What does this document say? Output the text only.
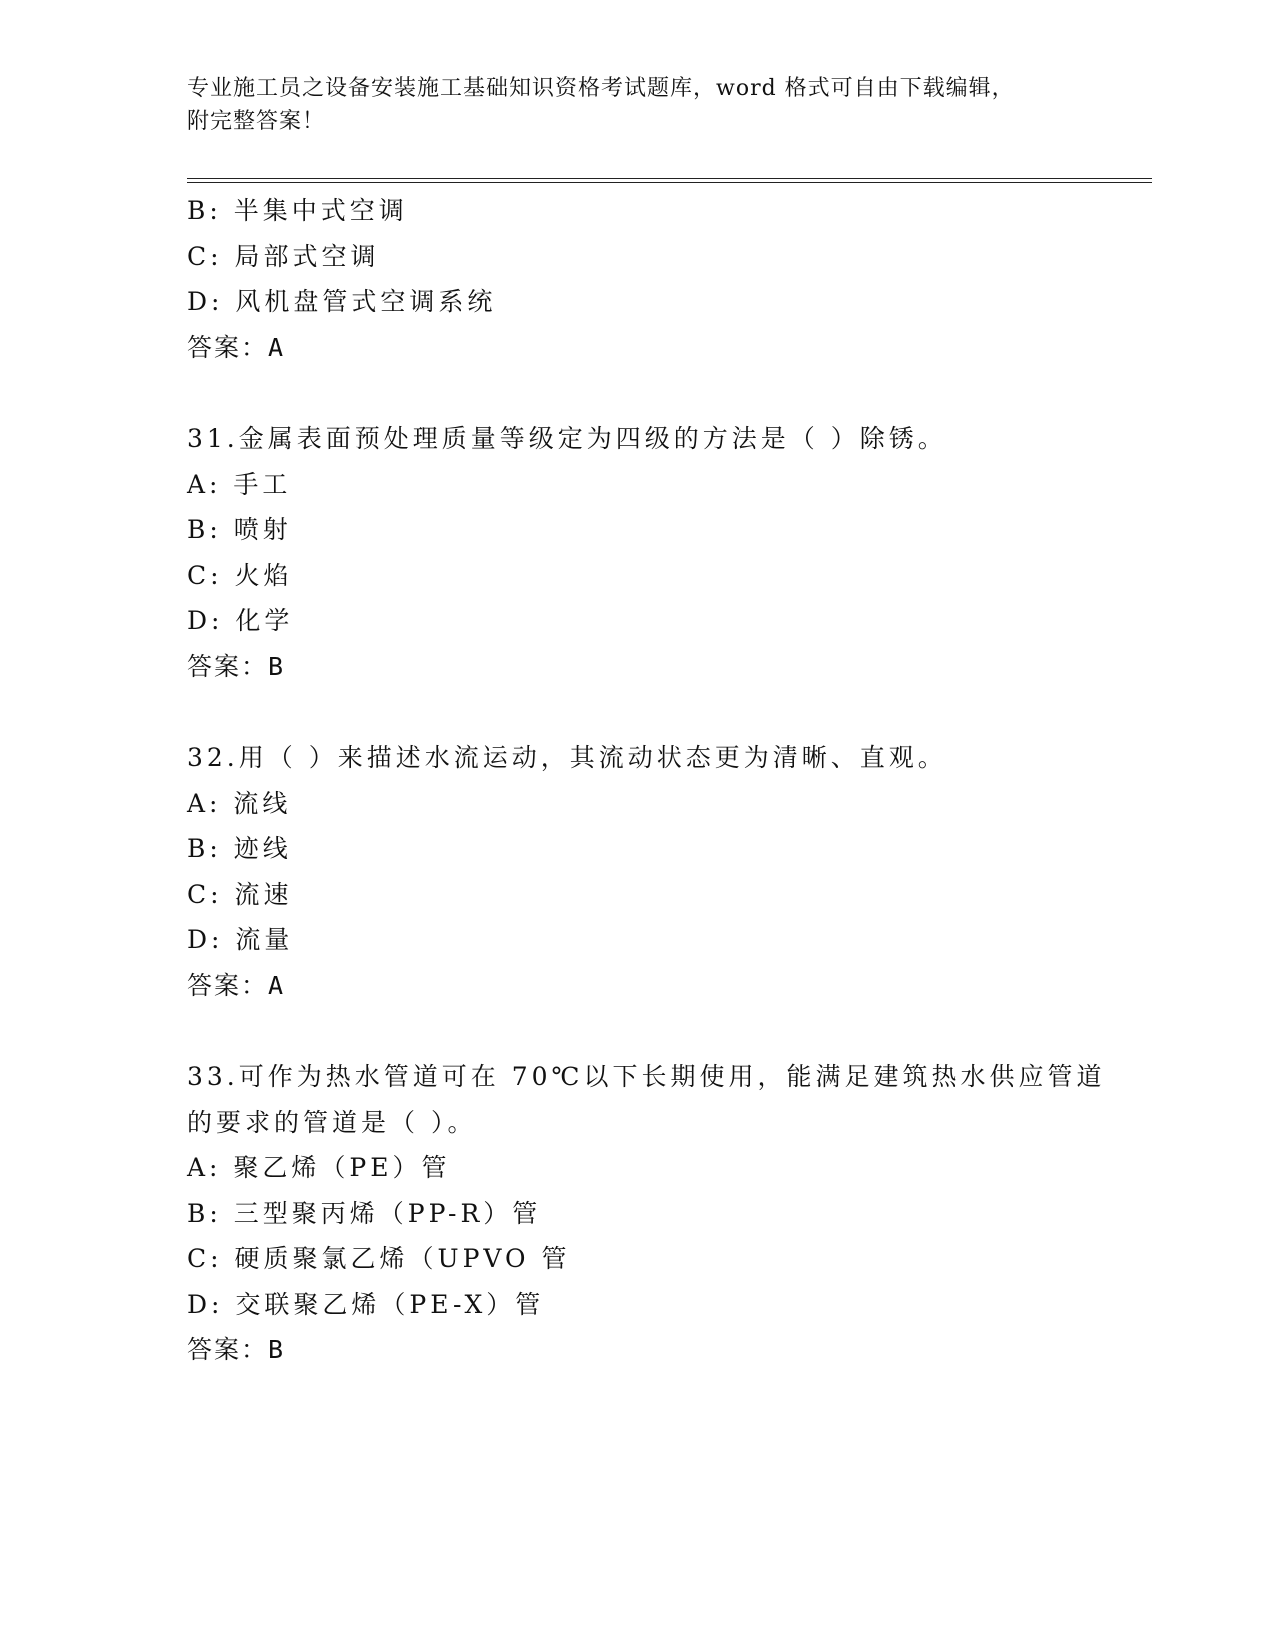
专业施工员之设备安装施工基础知识资格考试题库，word 格式可自由下载编辑，
附完整答案！
B: 半集中式空调
C: 局部式空调
D: 风机盘管式空调系统
答案：A
31.金属表面预处理质量等级定为四级的方法是（ ）除锈。
A: 手工
B: 喷射
C: 火焰
D: 化学
答案：B
32.用（ ）来描述水流运动，其流动状态更为清晰、直观。
A: 流线
B: 迹线
C: 流速
D: 流量
答案：A
33.可作为热水管道可在 70℃以下长期使用，能满足建筑热水供应管道
的要求的管道是（ ）。
A: 聚乙烯（PE）管
B: 三型聚丙烯（PP-R）管
C: 硬质聚氯乙烯（UPVO 管
D: 交联聚乙烯（PE-X）管
答案：B
